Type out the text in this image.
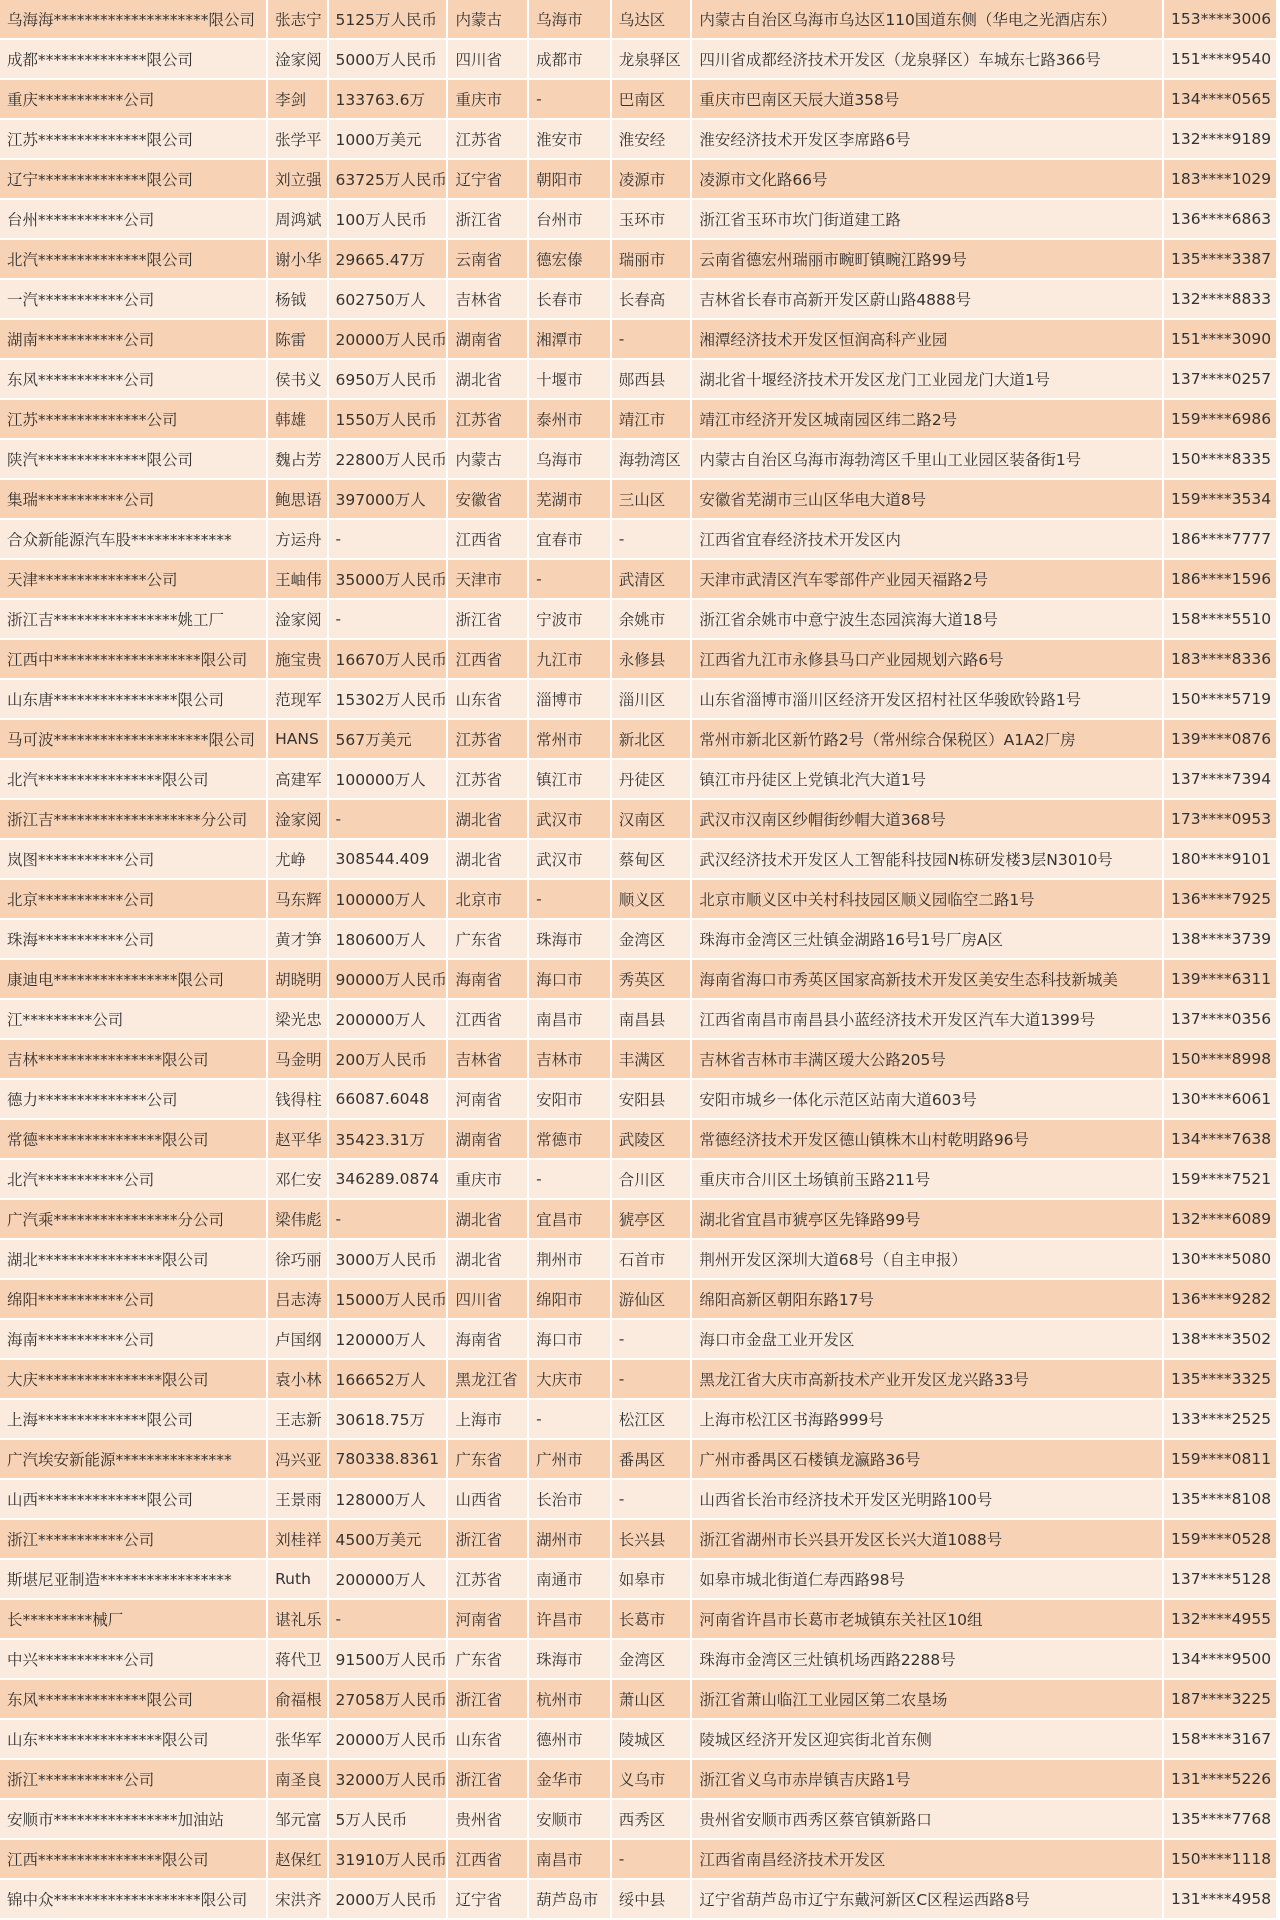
乌海海********************限公司	张志宁	5125万人民币	内蒙古	乌海市	乌达区	内蒙古自治区乌海市乌达区110国道东侧（华电之光酒店东）	153****3006
成都**************限公司	淦家阅	5000万人民币	四川省	成都市	龙泉驿区	四川省成都经济技术开发区（龙泉驿区）车城东七路366号	151****9540
重庆***********公司	李剑	133763.6万	重庆市	-	巴南区	重庆市巴南区天辰大道358号	134****0565
江苏**************限公司	张学平	1000万美元	江苏省	淮安市	淮安经	淮安经济技术开发区李席路6号	132****9189
辽宁**************限公司	刘立强	63725万人民币	辽宁省	朝阳市	凌源市	凌源市文化路66号	183****1029
台州***********公司	周鸿斌	100万人民币	浙江省	台州市	玉环市	浙江省玉环市坎门街道建工路	136****6863
北汽**************限公司	谢小华	29665.47万	云南省	德宏傣	瑞丽市	云南省德宏州瑞丽市畹町镇畹江路99号	135****3387
一汽***********公司	杨钺	602750万人	吉林省	长春市	长春高	吉林省长春市高新开发区蔚山路4888号	132****8833
湖南***********公司	陈雷	20000万人民币	湖南省	湘潭市	-	湘潭经济技术开发区恒润高科产业园	151****3090
东风***********公司	侯书义	6950万人民币	湖北省	十堰市	郧西县	湖北省十堰经济技术开发区龙门工业园龙门大道1号	137****0257
江苏**************公司	韩雄	1550万人民币	江苏省	泰州市	靖江市	靖江市经济开发区城南园区纬二路2号	159****6986
陕汽**************限公司	魏占芳	22800万人民币	内蒙古	乌海市	海勃湾区	内蒙古自治区乌海市海勃湾区千里山工业园区装备街1号	150****8335
集瑞***********公司	鲍思语	397000万人	安徽省	芜湖市	三山区	安徽省芜湖市三山区华电大道8号	159****3534
合众新能源汽车股*************	方运舟	-	江西省	宜春市	-	江西省宜春经济技术开发区内	186****7777
天津**************公司	王岫伟	35000万人民币	天津市	-	武清区	天津市武清区汽车零部件产业园天福路2号	186****1596
浙江吉****************姚工厂	淦家阅	-	浙江省	宁波市	余姚市	浙江省余姚市中意宁波生态园滨海大道18号	158****5510
江西中*******************限公司	施宝贵	16670万人民币	江西省	九江市	永修县	江西省九江市永修县马口产业园规划六路6号	183****8336
山东唐****************限公司	范现军	15302万人民币	山东省	淄博市	淄川区	山东省淄博市淄川区经济开发区招村社区华骏欧铃路1号	150****5719
马可波********************限公司	HANS	567万美元	江苏省	常州市	新北区	常州市新北区新竹路2号（常州综合保税区）A1A2厂房	139****0876
北汽****************限公司	高建军	100000万人	江苏省	镇江市	丹徒区	镇江市丹徒区上党镇北汽大道1号	137****7394
浙江吉*******************分公司	淦家阅	-	湖北省	武汉市	汉南区	武汉市汉南区纱帽街纱帽大道368号	173****0953
岚图***********公司	尤峥	308544.409	湖北省	武汉市	蔡甸区	武汉经济技术开发区人工智能科技园N栋研发楼3层N3010号	180****9101
北京***********公司	马东辉	100000万人	北京市	-	顺义区	北京市顺义区中关村科技园区顺义园临空二路1号	136****7925
珠海***********公司	黄才笋	180600万人	广东省	珠海市	金湾区	珠海市金湾区三灶镇金湖路16号1号厂房A区	138****3739
康迪电****************限公司	胡晓明	90000万人民币	海南省	海口市	秀英区	海南省海口市秀英区国家高新技术开发区美安生态科技新城美	139****6311
江*********公司	梁光忠	200000万人	江西省	南昌市	南昌县	江西省南昌市南昌县小蓝经济技术开发区汽车大道1399号	137****0356
吉林****************限公司	马金明	200万人民币	吉林省	吉林市	丰满区	吉林省吉林市丰满区瑷大公路205号	150****8998
德力**************公司	钱得柱	66087.6048	河南省	安阳市	安阳县	安阳市城乡一体化示范区站南大道603号	130****6061
常德****************限公司	赵平华	35423.31万	湖南省	常德市	武陵区	常德经济技术开发区德山镇株木山村乾明路96号	134****7638
北汽***********公司	邓仁安	346289.0874	重庆市	-	合川区	重庆市合川区土场镇前玉路211号	159****7521
广汽乘****************分公司	梁伟彪	-	湖北省	宜昌市	猇亭区	湖北省宜昌市猇亭区先锋路99号	132****6089
湖北****************限公司	徐巧丽	3000万人民币	湖北省	荆州市	石首市	荆州开发区深圳大道68号（自主申报）	130****5080
绵阳***********公司	吕志涛	15000万人民币	四川省	绵阳市	游仙区	绵阳高新区朝阳东路17号	136****9282
海南***********公司	卢国纲	120000万人	海南省	海口市	-	海口市金盘工业开发区	138****3502
大庆****************限公司	袁小林	166652万人	黑龙江省	大庆市	-	黑龙江省大庆市高新技术产业开发区龙兴路33号	135****3325
上海**************限公司	王志新	30618.75万	上海市	-	松江区	上海市松江区书海路999号	133****2525
广汽埃安新能源***************	冯兴亚	780338.8361	广东省	广州市	番禺区	广州市番禺区石楼镇龙瀛路36号	159****0811
山西**************限公司	王景雨	128000万人	山西省	长治市	-	山西省长治市经济技术开发区光明路100号	135****8108
浙江***********公司	刘桂祥	4500万美元	浙江省	湖州市	长兴县	浙江省湖州市长兴县开发区长兴大道1088号	159****0528
斯堪尼亚制造*****************	Ruth	200000万人	江苏省	南通市	如皋市	如皋市城北街道仁寿西路98号	137****5128
长*********械厂	谌礼乐	-	河南省	许昌市	长葛市	河南省许昌市长葛市老城镇东关社区10组	132****4955
中兴***********公司	蒋代卫	91500万人民币	广东省	珠海市	金湾区	珠海市金湾区三灶镇机场西路2288号	134****9500
东风**************限公司	俞福根	27058万人民币	浙江省	杭州市	萧山区	浙江省萧山临江工业园区第二农垦场	187****3225
山东****************限公司	张华军	20000万人民币	山东省	德州市	陵城区	陵城区经济开发区迎宾街北首东侧	158****3167
浙江***********公司	南圣良	32000万人民币	浙江省	金华市	义乌市	浙江省义乌市赤岸镇吉庆路1号	131****5226
安顺市****************加油站	邹元富	5万人民币	贵州省	安顺市	西秀区	贵州省安顺市西秀区蔡官镇新路口	135****7768
江西****************限公司	赵保红	31910万人民币	江西省	南昌市	-	江西省南昌经济技术开发区	150****1118
锦中众*******************限公司	宋洪齐	2000万人民币	辽宁省	葫芦岛市	绥中县	辽宁省葫芦岛市辽宁东戴河新区C区程运西路8号	131****4958
